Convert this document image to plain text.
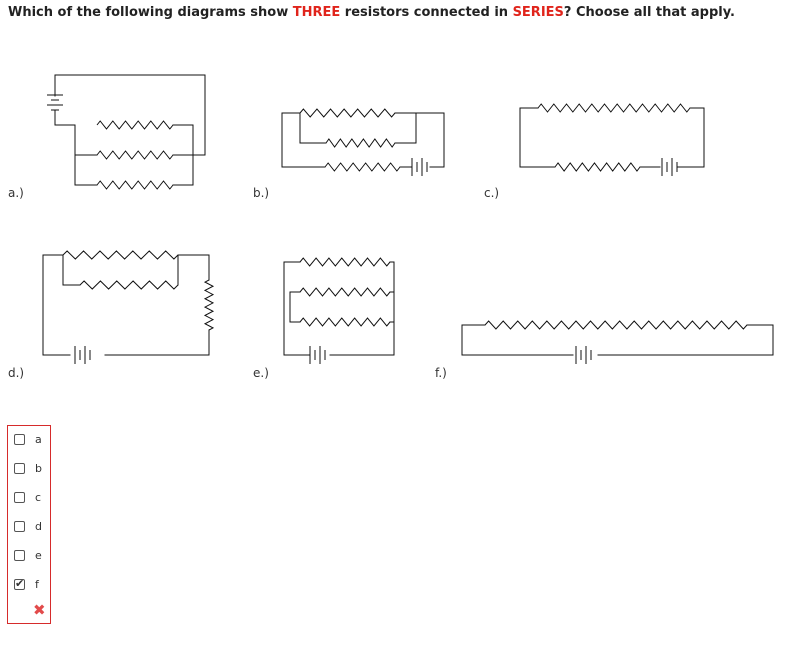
Which of the following diagrams show THREE resistors connected in SERIES? Choose all that apply.
a.)	b.)	c.)
d.)	e.)	f.)
a
b
c
d
e
✔ f
✖
